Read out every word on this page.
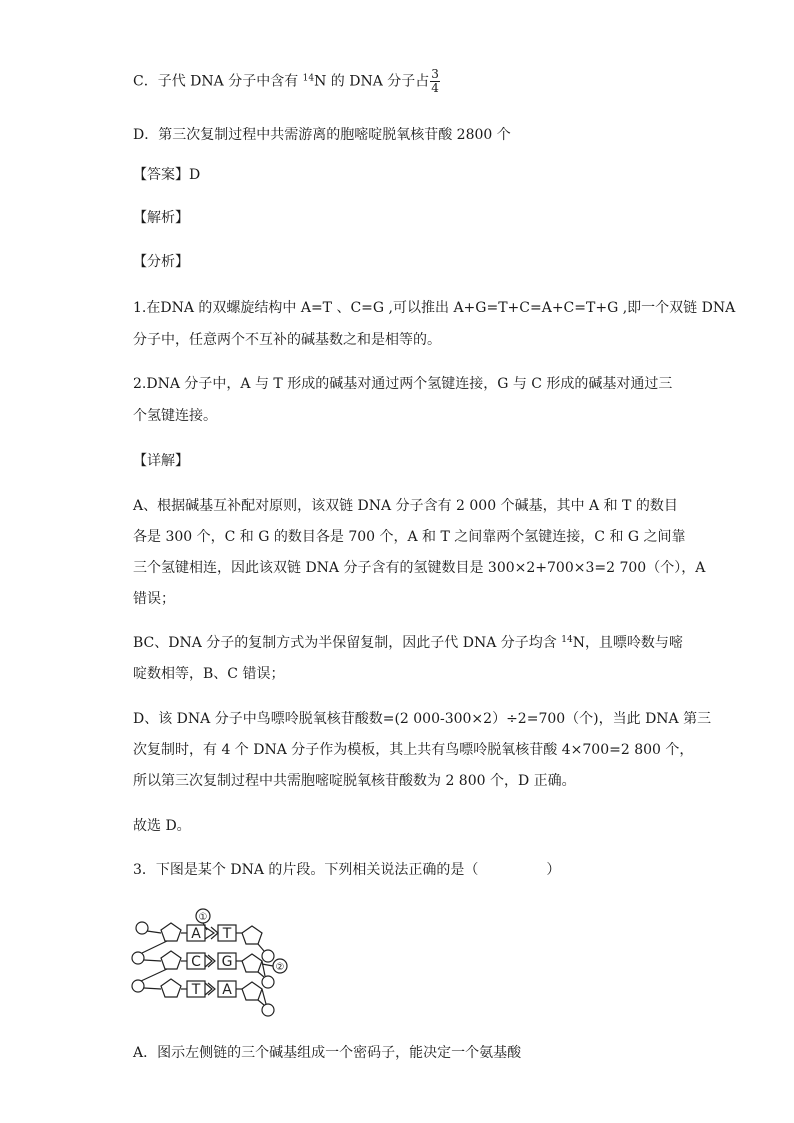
C．子代 DNA 分子中含有 $^{14}$N 的 DNA 分子占 $\frac{3}{4}$
D．第三次复制过程中共需游离的胞嘧啶脱氧核苷酸 2800 个
【答案】D
【解析】
【分析】
1.在DNA 的双螺旋结构中 A=T 、C=G ,可以推出 A+G=T+C=A+C=T+G ,即一个双链 DNA
分子中，任意两个不互补的碱基数之和是相等的。
2.DNA 分子中，A 与 T 形成的碱基对通过两个氢键连接，G 与 C 形成的碱基对通过三
个氢键连接。
【详解】
A、根据碱基互补配对原则，该双链 DNA 分子含有 2 000 个碱基，其中 A 和 T 的数目
各是 300 个，C 和 G 的数目各是 700 个，A 和 T 之间靠两个氢键连接，C 和 G 之间靠
三个氢键相连，因此该双链 DNA 分子含有的氢键数目是 300×2+700×3=2 700（个），A
错误；
BC、DNA 分子的复制方式为半保留复制，因此子代 DNA 分子均含 $^{14}$N，且嘌呤数与嘧
啶数相等，B、C 错误；
D、该 DNA 分子中鸟嘌呤脱氧核苷酸数=(2 000-300×2）÷2=700（个)，当此 DNA 第三
次复制时，有 4 个 DNA 分子作为模板，其上共有鸟嘌呤脱氧核苷酸 4×700=2 800 个，
所以第三次复制过程中共需胞嘧啶脱氧核苷酸数为 2 800 个，D 正确。
故选 D。
3．下图是某个 DNA 的片段。下列相关说法正确的是（	）
A
C
T
T
G
A
①
②
A．图示左侧链的三个碱基组成一个密码子，能决定一个氨基酸
